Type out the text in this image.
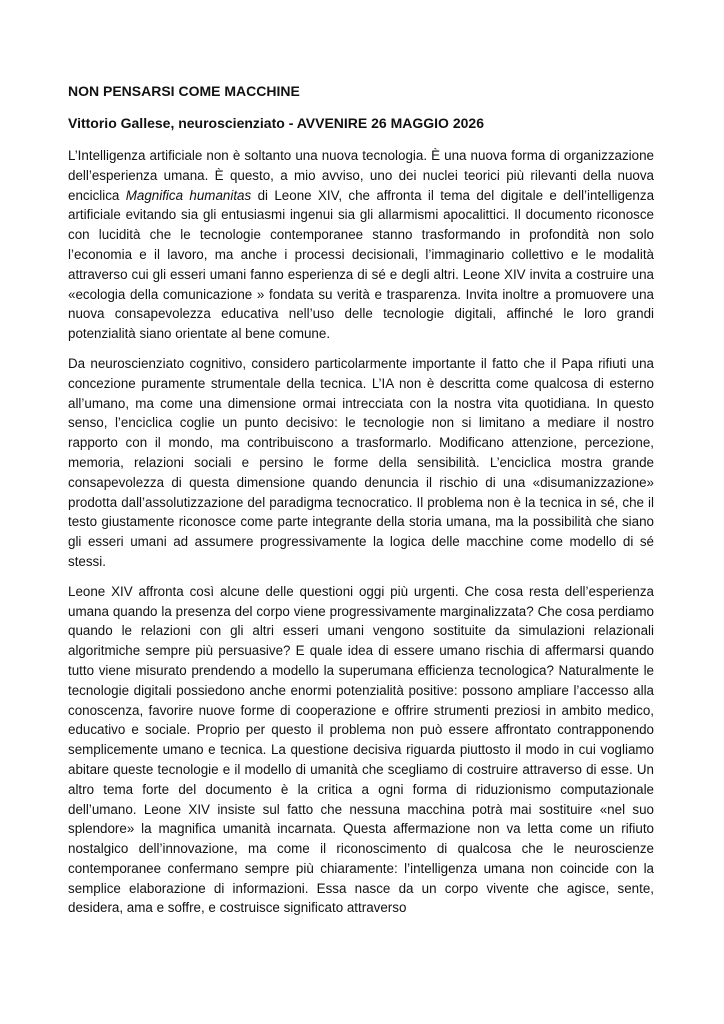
NON PENSARSI COME MACCHINE
Vittorio Gallese, neuroscienziato - AVVENIRE 26 MAGGIO 2026

L’Intelligenza artificiale non è soltanto una nuova tecnologia. È una nuova forma di organizzazione dell’esperienza umana. È questo, a mio avviso, uno dei nuclei teorici più rilevanti della nuova enciclica Magnifica humanitas di Leone XIV, che affronta il tema del digitale e dell’intelligenza artificiale evitando sia gli entusiasmi ingenui sia gli allarmismi apocalittici. Il documento riconosce con lucidità che le tecnologie contemporanee stanno trasformando in profondità non solo l’economia e il lavoro, ma anche i processi decisionali, l’immaginario collettivo e le modalità attraverso cui gli esseri umani fanno esperienza di sé e degli altri. Leone XIV invita a costruire una «ecologia della comunicazione » fondata su verità e trasparenza. Invita inoltre a promuovere una nuova consapevolezza educativa nell’uso delle tecnologie digitali, affinché le loro grandi potenzialità siano orientate al bene comune.

Da neuroscienziato cognitivo, considero particolarmente importante il fatto che il Papa rifiuti una concezione puramente strumentale della tecnica. L’IA non è descritta come qualcosa di esterno all’umano, ma come una dimensione ormai intrecciata con la nostra vita quotidiana. In questo senso, l’enciclica coglie un punto decisivo: le tecnologie non si limitano a mediare il nostro rapporto con il mondo, ma contribuiscono a trasformarlo. Modificano attenzione, percezione, memoria, relazioni sociali e persino le forme della sensibilità. L’enciclica mostra grande consapevolezza di questa dimensione quando denuncia il rischio di una «disumanizzazione» prodotta dall’assolutizzazione del paradigma tecnocratico. Il problema non è la tecnica in sé, che il testo giustamente riconosce come parte integrante della storia umana, ma la possibilità che siano gli esseri umani ad assumere progressivamente la logica delle macchine come modello di sé stessi.

Leone XIV affronta così alcune delle questioni oggi più urgenti. Che cosa resta dell’esperienza umana quando la presenza del corpo viene progressivamente marginalizzata? Che cosa perdiamo quando le relazioni con gli altri esseri umani vengono sostituite da simulazioni relazionali algoritmiche sempre più persuasive? E quale idea di essere umano rischia di affermarsi quando tutto viene misurato prendendo a modello la superumana efficienza tecnologica? Naturalmente le tecnologie digitali possiedono anche enormi potenzialità positive: possono ampliare l’accesso alla conoscenza, favorire nuove forme di cooperazione e offrire strumenti preziosi in ambito medico, educativo e sociale. Proprio per questo il problema non può essere affrontato contrapponendo semplicemente umano e tecnica. La questione decisiva riguarda piuttosto il modo in cui vogliamo abitare queste tecnologie e il modello di umanità che scegliamo di costruire attraverso di esse. Un altro tema forte del documento è la critica a ogni forma di riduzionismo computazionale dell’umano. Leone XIV insiste sul fatto che nessuna macchina potrà mai sostituire «nel suo splendore» la magnifica umanità incarnata. Questa affermazione non va letta come un rifiuto nostalgico dell’innovazione, ma come il riconoscimento di qualcosa che le neuroscienze contemporanee confermano sempre più chiaramente: l’intelligenza umana non coincide con la semplice elaborazione di informazioni. Essa nasce da un corpo vivente che agisce, sente, desidera, ama e soffre, e costruisce significato attraverso
